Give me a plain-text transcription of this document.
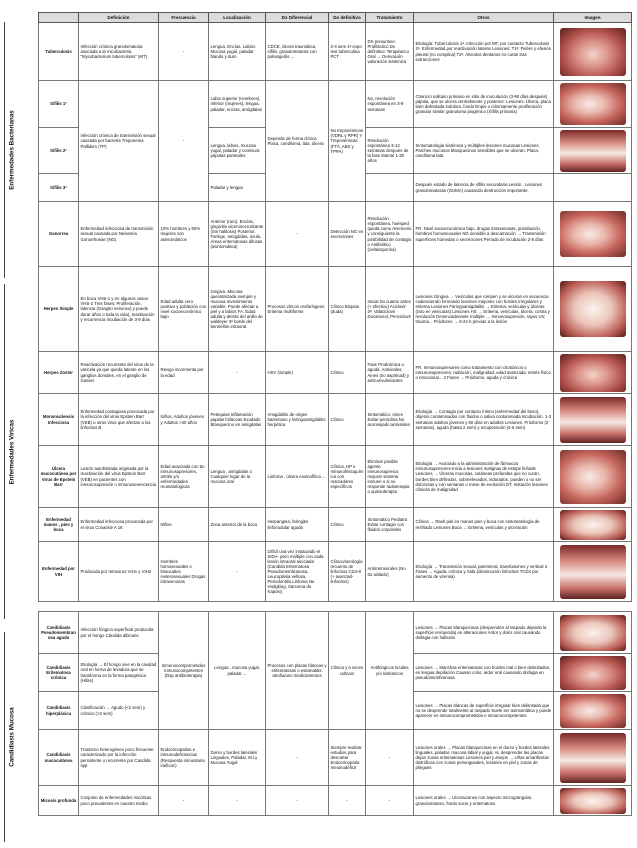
Enfermedades Bacterianas
Enfermedades Víricas
Candidiasis Mucosa
	Definición	Frecuencia	Localización	Dx Diferencial	Dx definitivo	Tratamiento	Otros	Imagen
Tuberculosis	Infección crónica granulomatosa asociada a la micobacteria "Mycobacterium tuberculosis" (MT)	-	Lengua, Encías, Labios Mucosa yugal, paladar blando y duro	CDCE, úlcera traumática, sífilis, granulomatosis con poliangeítis ...	2-4 sem 1ª expo test tuberculina PCT	DX presuntivo: Profiláctico Dx definitivo: Terapéutico Oral → Derivación valoración sistémica	Etiología: Tuberculosis 1ª. Infección por MT, por contacto Tuberculosis 2ª. Enfermedad por reactivación latente Lesiones: T1ª: Fiebre y efusión pleural (no complica) T2ª. Alveolos dentarios no curan tras extracciones	

Sífilis 1ª	Infección crónica de transmisión sexual causada por bacteria Treponema Pallidum (TP)	-	Labio superior (Hombres), Inferior (mujeres), lengua, paladar, encías, amígdalas	Depende de forma clínica Placa, condiloma, lata, úlcera	No treponémicas (VDRL y RPR) Y Treponémicas (FTA, ABS y TPPA)	No, resolución espontánea en 3-8 semanas	Chancro solitario primario en sitio de inoculación (3-90 días después) pápula, que se ulcera centralmente y posterior: Lesiones. Úlcera, placa bien delimitada indolora, fondo limpio o mínimamente proliferación granular similar granuloma piogénico (Sífilis primaria)	

Sífilis 2ª			Lengua, labios, mucosa yugal, paladar y comisura pápulas parietales			Resolución espontánea 3-12 semanas después de la fase latente 1-30 años	Sintomatología sistémica y múltiples lesiones mucosas Lesiones. Parches mucosos blanquecinos sensibles que se ulceran, Placa, condiloma lata	

Sífilis 3ª			Paladar y lengua				Después estado de latencia de sífilis secundaria Lesión . Lesiones granulomatosas (GUMA) causando destrucción importante.	
Gonorrea	Enfermedad infecciosa de transmisión sexual causada por Neisseria Gonorrhoeae (NG)	10% hombres y 60% mujeres son asintomáticos	Anterior (raro). Encías, gingivitis ulceronecrotizante (Sin halitosis) Posterior. Faringe, amígdalas, úvula, Áreas eritematosas difusas (asintomática)	-	Detección NG en secreciones	Resolución espontánea, huésped queda como reservorio y consiguiente la posibilidad de contagio o Antibiótico (cefalosporina)	FR. Nivel socioeconómico bajo, drogas intravenosas, prostitución, hombres homosexuales NG sensible a descamación → Transmisión superficies húmedas o secreciones Período de incubación 2-8 días	

Herpes Simple	En boca VHS-1 y en algunos casos VHS-2 Tres fases: Proliferación, latencia (Ganglio nervioso) y puede durar años o toda la vida), reactivación y recurrencia Incubación de 3-9 días	Edad adulta cero positivo y población con nivel socioeconómico bajo	Gingiva. Mucosa queratinizada siempre y mucosa revestimiento variable. Puede afectar a piel y a labios FA. Edad adulta y detrás del anillo de waldeyer 3ª borde del bermellón intraoral.	Procesos víricos orofaríngeos Eritema multiforme	Clínico Biopsia (duda)	Iniciar tto cuanto antes (+ efectivo) Aciclovir 3ª: Valaciclovir Docanosol, Penciclovir	Lesiones Gingiva → Vesículas que rompen y se ulceran en secuencia coalesciendo formando lesiones mayores con bordes irregulares y eritema Lesiones Faringoamigdalitis → Eritema, vesículas y úlceras (raro en vesículas) Lesiones HS → Eritema, vesículas, úlcera, costra y resolución Desencadenante múltiple → Inmunosupresión, rayos UV, trauma... Pródromo → 6-24 h previas a la lesión	

Herpes Zoster	Reactivación recurrente del virus de la varicela ya que queda latente en los ganglios dorsales, en el ganglio de Gasser	Riesgo incrementa por la edad	-	HSV (simple)	Clínico	Fase Prodrómica o aguda. Antivirales, Aines (no aspirinad) y anticonvulsivantes	FR. Inmunosupresores como tratamiento con citotóxicos o inmunosupresores, radiación, malignidad, edad avanzada, estrés físico o emocional... 3 Fases → Pródromo, aguda y crónica	

Mononucleosis Infecciosa	Enfermedad contagiosa provocada por la infección del virus Epstein Barr (VEB) u otros virus que afectan a los linfocitos B	Niños, Adultos jóvenes y Adultos >40 años	Petequias Inflamación papilas foliáceas Exudado Blanquecino en amígdalas	Amigdalitis de origen bacteriano y faringoamigdalitis herpética	Clínico	Sintomático. Aines Evitar penicilina No aconsejado antivirales	Etiología → Contagio por contacto íntimo (enfermedad del beso), objetos contaminados con fluidos o saliva contaminada Incubación. 1-3 semanas adultos jóvenes y 50 días en adultos Lesiones. Pródromo (2 semanas), aguda (hasta 2 sem) y recuperación (4-6 sem)	

Úlcera mucocutánea por Virus de Epstein Barr	Lesión autolimitada originada por la reactivación del virus Epstein Barr (VEB) en pacientes con inmunosupresión o inmunosenescencia	Edad avanzada con tto inmunosupresores, artritis y/o enfermedades reumatológicas	Lengua , amígdalas o Cualquier lugar de la mucosa oral	Linfoma , úlcera eosinofílica ...	Clínica, HP e Inmunohistoquímica con marcadores específicos	Eliminar posible agente inmunosupresor, mejorar sistema inmune o si no responde radioterapia o quimioterapia	Etiología → Asociado a la administración de fármacos inmunosupresores Inicia a lesiones malignas de estirpe linfoide Lesiones → Úlceras mucosas, cutáneas profundas que no curan, bordes bien definidos, sobreelevados, indurados, pueden o no ser dolorosas y con semanas o mese de evolución DT. Imitación lesiones clínicas de malignidad	

Enfermedad manos , pies y boca	Enfermedad infecciosa provocada por el virus Coxackie A 16	Niños	Zona anterior de la boca	Herpangina, faringitis linfonodular aguda	Clínico	Sintomático Pediatra Evitar contagio con fluidos corporales	Clínica → Rash piel en manos pies y boca con sintomatología de resfriado Lesiones Boca → Eritema, vesículas y ulceración	

Enfermedad por VIH	Producida por retrovirus VIH1 y VIH2	Hombres homosexuales o bisexuales Heterosexuales Drogas intravenosas	-	Difícil una vez instaurado el SIDA- pero múltiple con cada lesión intraoral asociada (Candida Eritematosa Pseudomembranosa, Leucoplasia vellosa, Periodontitis,Linfoma No Hodgking, Sarcoma de Kaposi)	Clínico/serología recuento de linfocitos CD4-8 (+ avanzad-linfocitos)	Antirretrovirales (No tto aislado)	Etiología → Transmisión sexual, parenteral, transfusiones y vertical 3 Fases → Aguda, crónica y Sida (disminución linfocitos TCD4 por aumento de viremia)	

Candidiasis Pseudomembranosa aguda	Infección fúngica superficial producida por el hongo Cándida albicans	Inmunocomprometidos Inmunocompetentes (Dsp antibioterapia)	Lengua , mucosa yugal, paladar ...	Procesos con placas blancas y eritematosas o estomatitis: atrofia/uso medicamentos	Clínica y a veces cultivos	Antifúngicos locales y/o sistémicos	Lesiones → Placas blanquecinas (desprenden al raspado dejando la superficie enrojecida) en alteraciones Ardor y dolor oral causando disfagia con halitosis	

Candidiasis Eritematosa crónica	Etiología → El hongo vive en la cavidad oral en forma de levadura que se transforma en la forma patogénica (Hifas)						Lesiones → Manchas eritematosas con bordes mal o bien delimitados, en lengua depilación Causan color, ardor oral causando disfagia en pseudomembranosa	

Candidiasis hiperplásica	Clasificación → Agudo (<2 sem) y crónico (>2 sem)						Lesiones → Placas blancas de superficie irregular bien delimitada que no se desprende totalmente al raspado Suele ser asintomática y puede aparecer en inmunocomprometidos e inmunocompetentes	

Candidiasis mucocutánea	Trastorno heterogéneo poco frecuente caracterizado por la infección persistente o recurrente por Candida spp	Endocrinopatías e inmunodeficiencias (Respuesta inmunitaria ineficaz)	Dorso y bordes laterales Linguales, Paladar, M.l.y Mucosa Yugal	-	Siempre realizar estudios para descartar Endocrinopatía Inmunodéficit	-	Lesiones orales → Placas blanquecinas en el dorso y bordes laterales linguales, paladar, mucosa labial y yugal. AL desprender las placas dejan zonas eritematosas Lesiones piel y anejos → Uñas amarillentas distróficas con zonas periungueales, lesiones en piel y zonas de pliegues	

Micosis profunda	Conjunto de enfermedades micóticas poco prevalentes en nuestro medio	-	-	-	-	-	Lesiones orales → Ulceraciones con aspecto micrograngular, granulomatoso, fondo sucio y eritematoso	
